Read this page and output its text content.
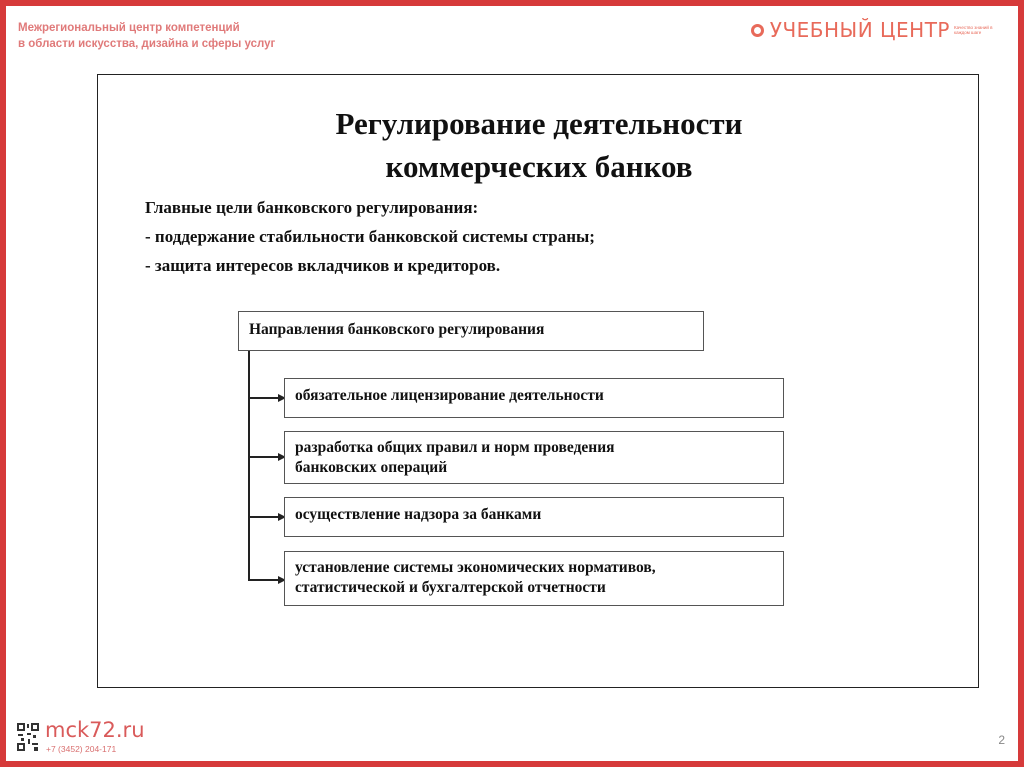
Межрегиональный центр компетенций
в области искусства, дизайна и сферы услуг
УЧЕБНЫЙ ЦЕНТР Качество знаний в каждом шаге
Регулирование деятельности
коммерческих банков
Главные цели банковского регулирования:
- поддержание стабильности банковской системы страны;
- защита интересов вкладчиков и кредиторов.
Направления банковского регулирования
обязательное лицензирование деятельности
разработка общих правил и норм проведения
банковских операций
осуществление надзора за банками
установление системы экономических нормативов,
статистической и бухгалтерской отчетности
mck72.ru
+7 (3452) 204-171
2
